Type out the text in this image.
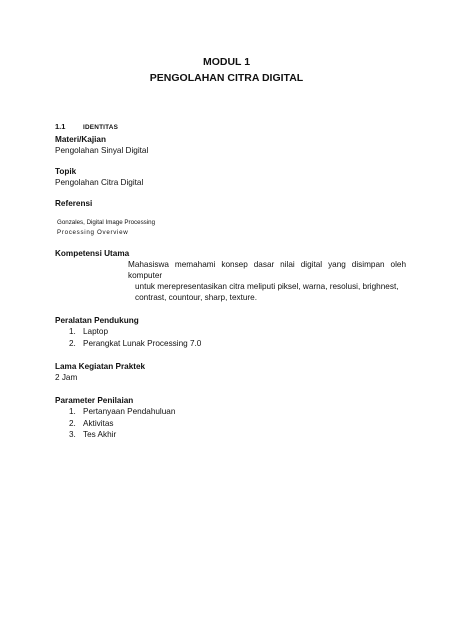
MODUL 1
PENGOLAHAN CITRA DIGITAL
1.1	IDENTITAS
Materi/Kajian
Pengolahan Sinyal Digital
Topik
Pengolahan Citra Digital
Referensi
Gonzales, Digital Image Processing
Processing Overview
Kompetensi Utama
Mahasiswa memahami konsep dasar nilai digital yang disimpan oleh komputer
untuk merepresentasikan citra meliputi piksel, warna, resolusi, brighnest,
contrast, countour, sharp, texture.
Peralatan Pendukung
1. Laptop
2. Perangkat Lunak Processing 7.0
Lama Kegiatan Praktek
2 Jam
Parameter Penilaian
1. Pertanyaan Pendahuluan
2. Aktivitas
3. Tes Akhir
